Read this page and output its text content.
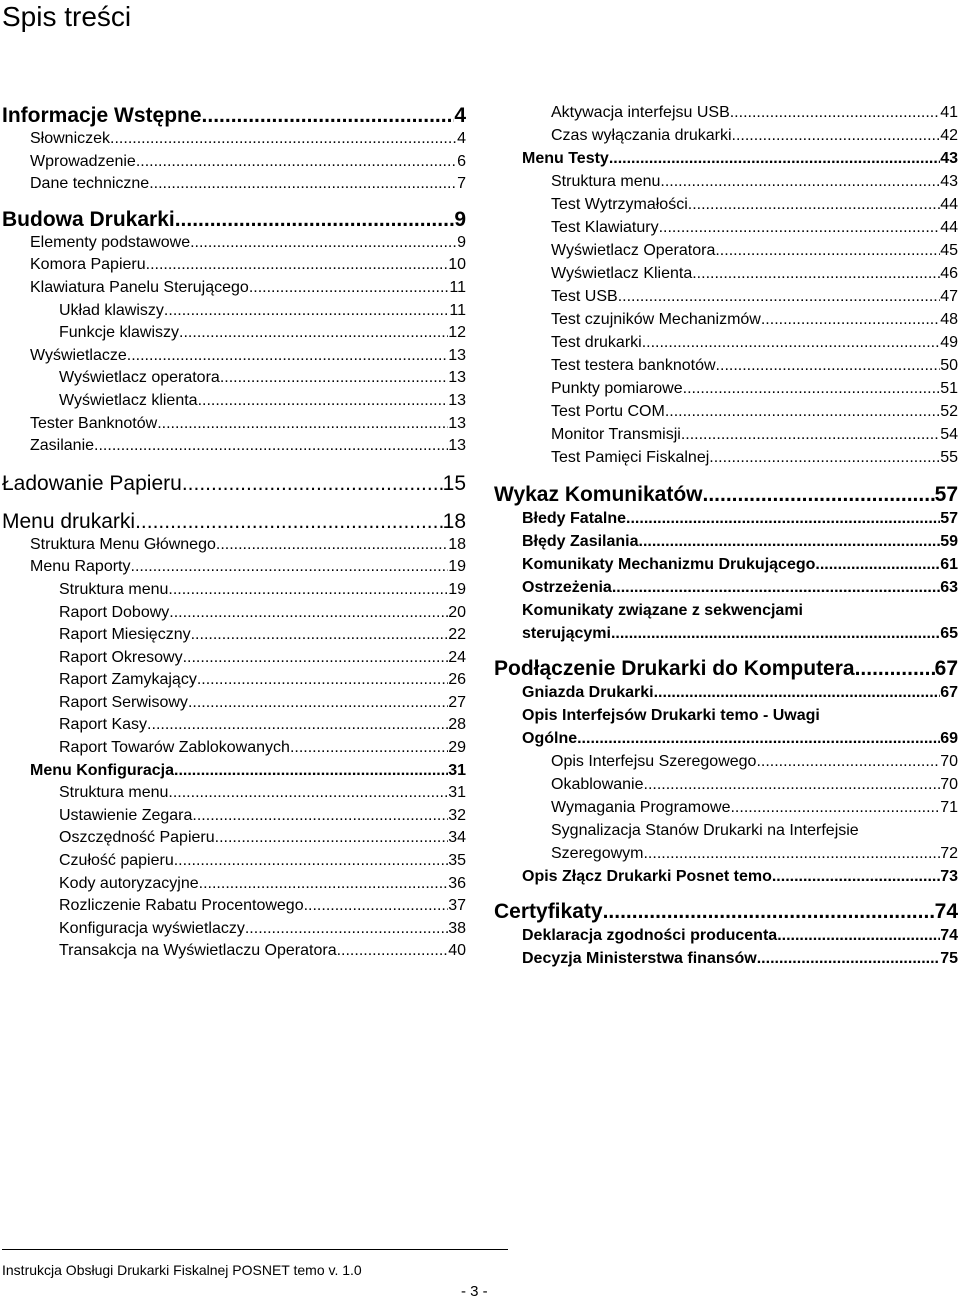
Spis treści
Informacje Wstępne .....	4
Słowniczek .....	4
Wprowadzenie .....	6
Dane techniczne .....	7
Budowa Drukarki .....	9
Elementy podstawowe .....	9
Komora Papieru .....	10
Klawiatura Panelu Sterującego .....	11
Układ klawiszy .....	11
Funkcje klawiszy .....	12
Wyświetlacze .....	13
Wyświetlacz operatora .....	13
Wyświetlacz klienta .....	13
Tester Banknotów .....	13
Zasilanie .....	13
Ładowanie Papieru .....	15
Menu drukarki .....	18
Struktura Menu Głównego .....	18
Menu Raporty .....	19
Struktura menu .....	19
Raport Dobowy .....	20
Raport Miesięczny .....	22
Raport Okresowy .....	24
Raport Zamykający .....	26
Raport Serwisowy .....	27
Raport Kasy .....	28
Raport Towarów Zablokowanych .....	29
Menu Konfiguracja .....	31
Struktura menu .....	31
Ustawienie Zegara .....	32
Oszczędność Papieru .....	34
Czułość papieru .....	35
Kody autoryzacyjne .....	36
Rozliczenie Rabatu Procentowego .....	37
Konfiguracja wyświetlaczy .....	38
Transakcja na Wyświetlaczu Operatora .....	40
Aktywacja interfejsu USB .....	41
Czas wyłączania drukarki .....	42
Menu Testy .....	43
Struktura menu .....	43
Test Wytrzymałości .....	44
Test Klawiatury .....	44
Wyświetlacz Operatora .....	45
Wyświetlacz Klienta .....	46
Test USB .....	47
Test czujników Mechanizmów .....	48
Test drukarki .....	49
Test testera banknotów .....	50
Punkty pomiarowe .....	51
Test Portu COM .....	52
Monitor Transmisji .....	54
Test Pamięci Fiskalnej .....	55
Wykaz Komunikatów .....	57
Błedy Fatalne .....	57
Błędy Zasilania .....	59
Komunikaty Mechanizmu Drukującego .....	61
Ostrzeżenia .....	63
Komunikaty związane z sekwencjami
sterującymi .....	65
Podłączenie Drukarki do Komputera .....	67
Gniazda Drukarki .....	67
Opis Interfejsów Drukarki temo - Uwagi
Ogólne .....	69
Opis Interfejsu Szeregowego .....	70
Okablowanie .....	70
Wymagania Programowe .....	71
Sygnalizacja Stanów Drukarki na Interfejsie
Szeregowym .....	72
Opis Złącz Drukarki Posnet temo .....	73
Certyfikaty .....	74
Deklaracja zgodności producenta .....	74
Decyzja Ministerstwa finansów .....	75
Instrukcja Obsługi Drukarki Fiskalnej POSNET temo v. 1.0
- 3 -
